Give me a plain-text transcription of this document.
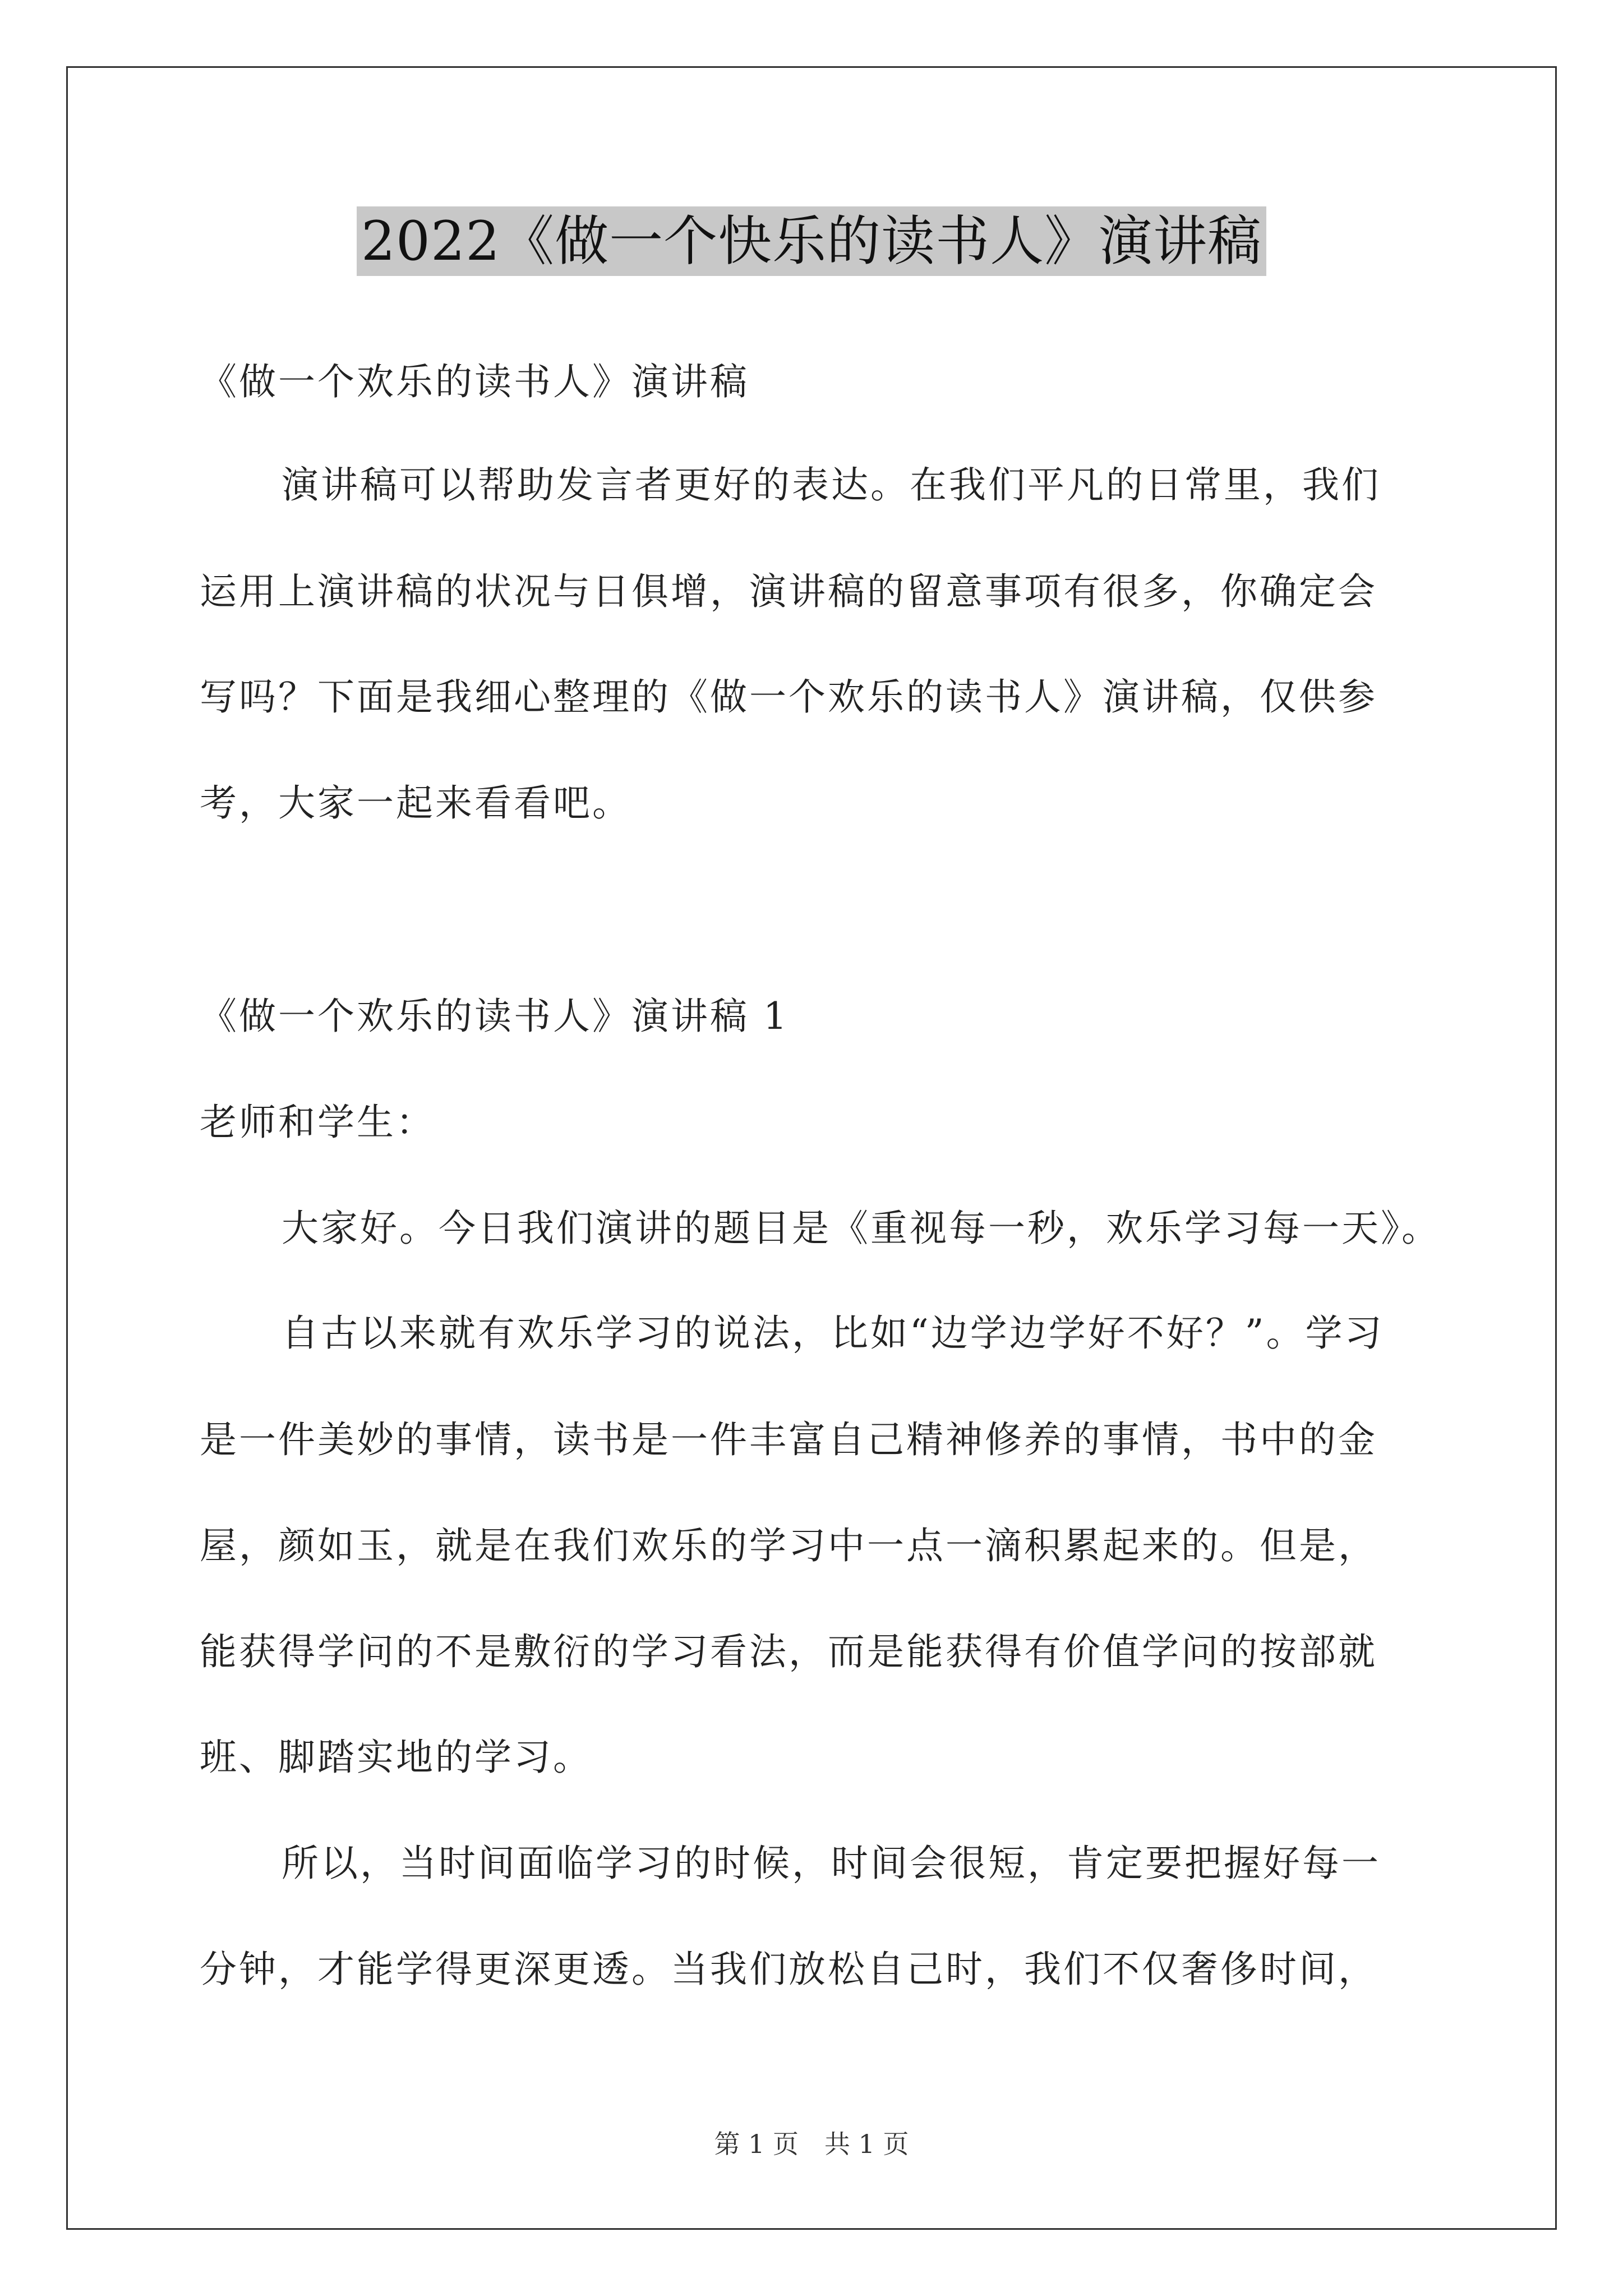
2022《做一个快乐的读书人》演讲稿
《做一个欢乐的读书人》演讲稿
演讲稿可以帮助发言者更好的表达。在我们平凡的日常里，我们
运用上演讲稿的状况与日俱增，演讲稿的留意事项有很多，你确定会
写吗？下面是我细心整理的《做一个欢乐的读书人》演讲稿，仅供参
考，大家一起来看看吧。
《做一个欢乐的读书人》演讲稿 1
老师和学生：
大家好。今日我们演讲的题目是《重视每一秒，欢乐学习每一天》。
自古以来就有欢乐学习的说法，比如“边学边学好不好？”。学习
是一件美妙的事情，读书是一件丰富自己精神修养的事情，书中的金
屋，颜如玉，就是在我们欢乐的学习中一点一滴积累起来的。但是，
能获得学问的不是敷衍的学习看法，而是能获得有价值学问的按部就
班、脚踏实地的学习。
所以，当时间面临学习的时候，时间会很短，肯定要把握好每一
分钟，才能学得更深更透。当我们放松自己时，我们不仅奢侈时间，
第 1 页　共 1 页
